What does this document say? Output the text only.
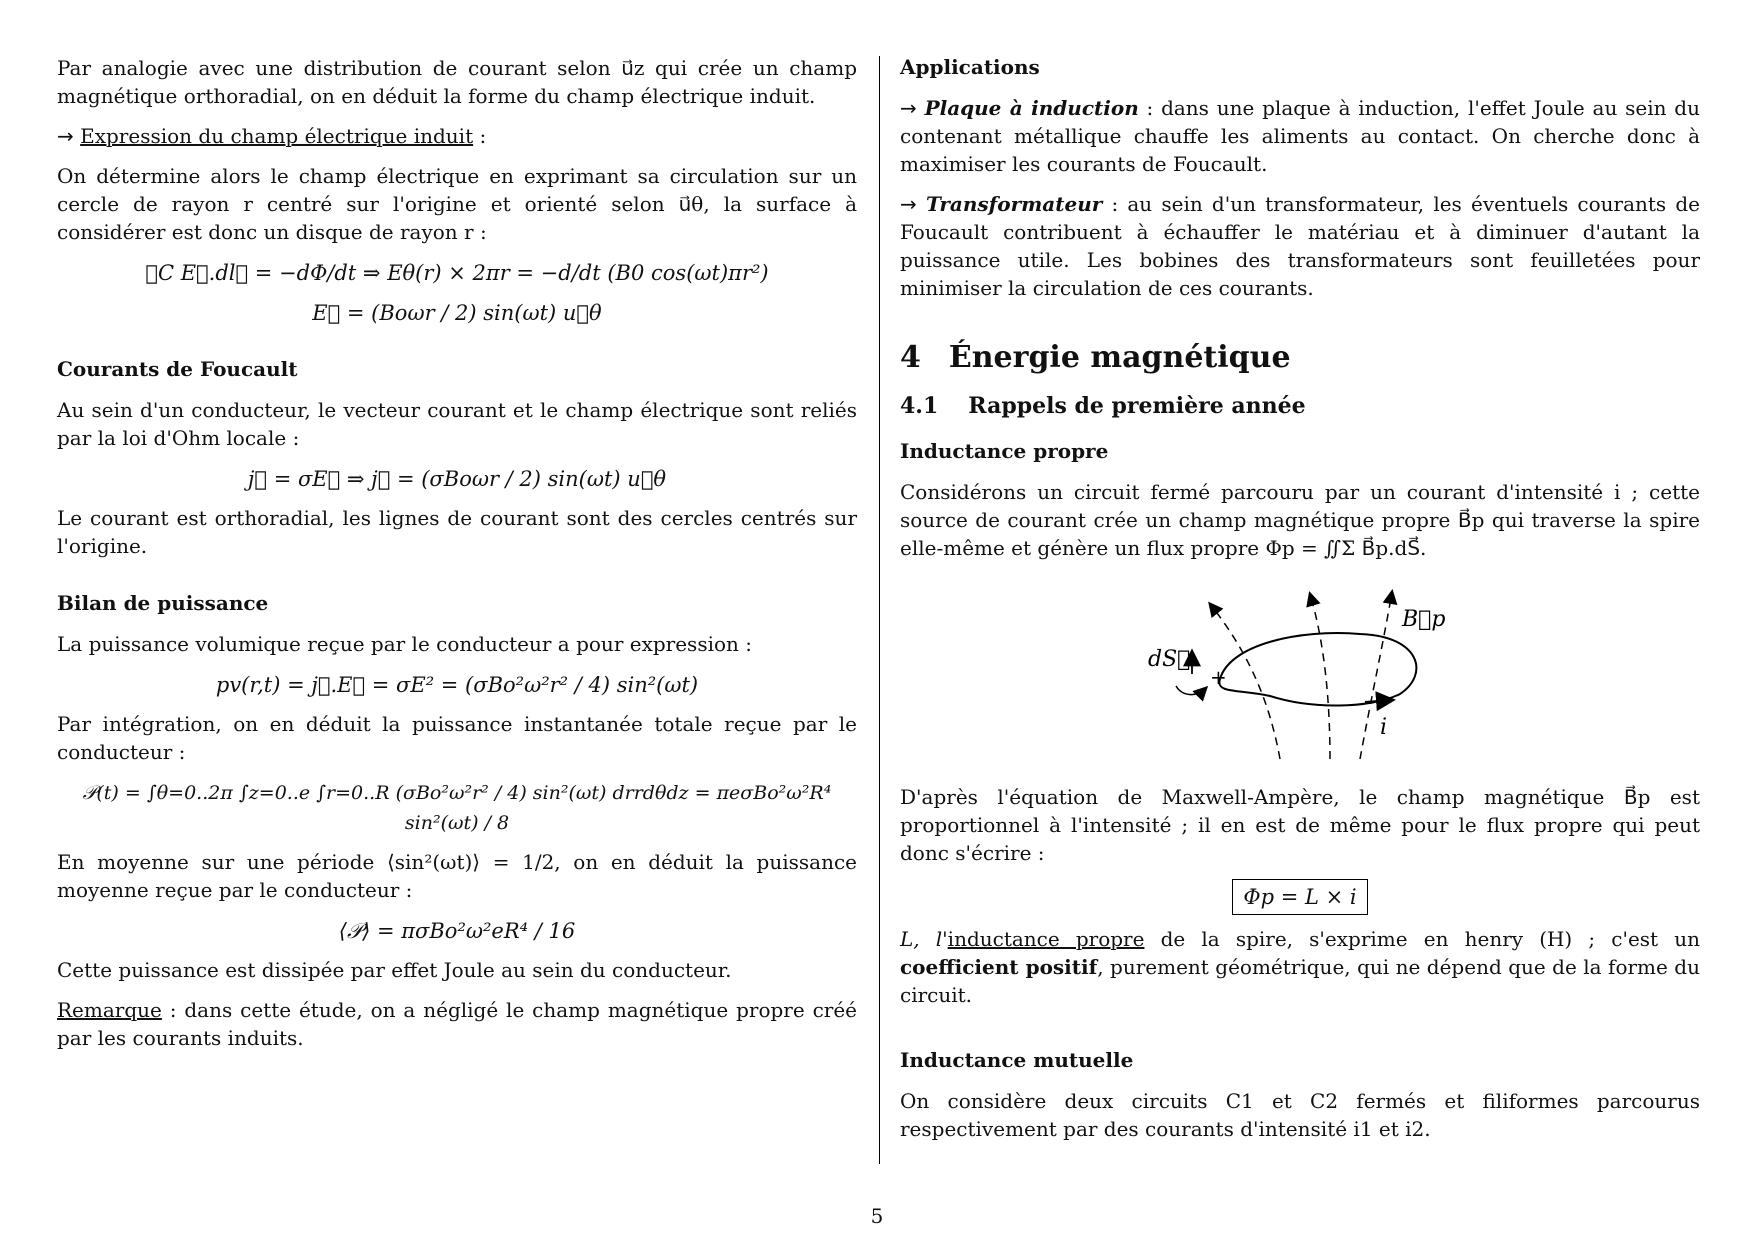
Par analogie avec une distribution de courant selon u⃗z qui crée un champ magnétique orthoradial, on en déduit la forme du champ électrique induit.

→ Expression du champ électrique induit :

On détermine alors le champ électrique en exprimant sa circulation sur un cercle de rayon r centré sur l'origine et orienté selon u⃗θ, la surface à considérer est donc un disque de rayon r :

∮C E⃗.dl⃗ = −dΦ/dt ⇒ Eθ(r) × 2πr = −d/dt (B0 cos(ωt)πr²)
E⃗ = (Boωr / 2) sin(ωt) u⃗θ
Courants de Foucault

Au sein d'un conducteur, le vecteur courant et le champ électrique sont reliés par la loi d'Ohm locale :

j⃗ = σE⃗ ⇒ j⃗ = (σBoωr / 2) sin(ωt) u⃗θ

Le courant est orthoradial, les lignes de courant sont des cercles centrés sur l'origine.

Bilan de puissance

La puissance volumique reçue par le conducteur a pour expression :

pv(r,t) = j⃗.E⃗ = σE² = (σBo²ω²r² / 4) sin²(ωt)

Par intégration, on en déduit la puissance instantanée totale reçue par le conducteur :

𝒫(t) = ∫θ=0..2π ∫z=0..e ∫r=0..R (σBo²ω²r² / 4) sin²(ωt) drrdθdz = πeσBo²ω²R⁴ sin²(ωt) / 8

En moyenne sur une période ⟨sin²(ωt)⟩ = 1/2, on en déduit la puissance moyenne reçue par le conducteur :

⟨𝒫⟩ = πσBo²ω²eR⁴ / 16

Cette puissance est dissipée par effet Joule au sein du conducteur.

Remarque : dans cette étude, on a négligé le champ magnétique propre créé par les courants induits.

Applications

→ Plaque à induction : dans une plaque à induction, l'effet Joule au sein du contenant métallique chauffe les aliments au contact. On cherche donc à maximiser les courants de Foucault.

→ Transformateur : au sein d'un transformateur, les éventuels courants de Foucault contribuent à échauffer le matériau et à diminuer d'autant la puissance utile. Les bobines des transformateurs sont feuilletées pour minimiser la circulation de ces courants.

4 Énergie magnétique
4.1 Rappels de première année
Inductance propre

Considérons un circuit fermé parcouru par un courant d'intensité i ; cette source de courant crée un champ magnétique propre B⃗p qui traverse la spire elle-même et génère un flux propre Φp = ∬Σ B⃗p.dS⃗.

dS⃗
+
B⃗p
i

D'après l'équation de Maxwell-Ampère, le champ magnétique B⃗p est proportionnel à l'intensité ; il en est de même pour le flux propre qui peut donc s'écrire :

Φp = L × i

L, l'inductance propre de la spire, s'exprime en henry (H) ; c'est un coefficient positif, purement géométrique, qui ne dépend que de la forme du circuit.

Inductance mutuelle

On considère deux circuits C1 et C2 fermés et filiformes parcourus respectivement par des courants d'intensité i1 et i2.

5
